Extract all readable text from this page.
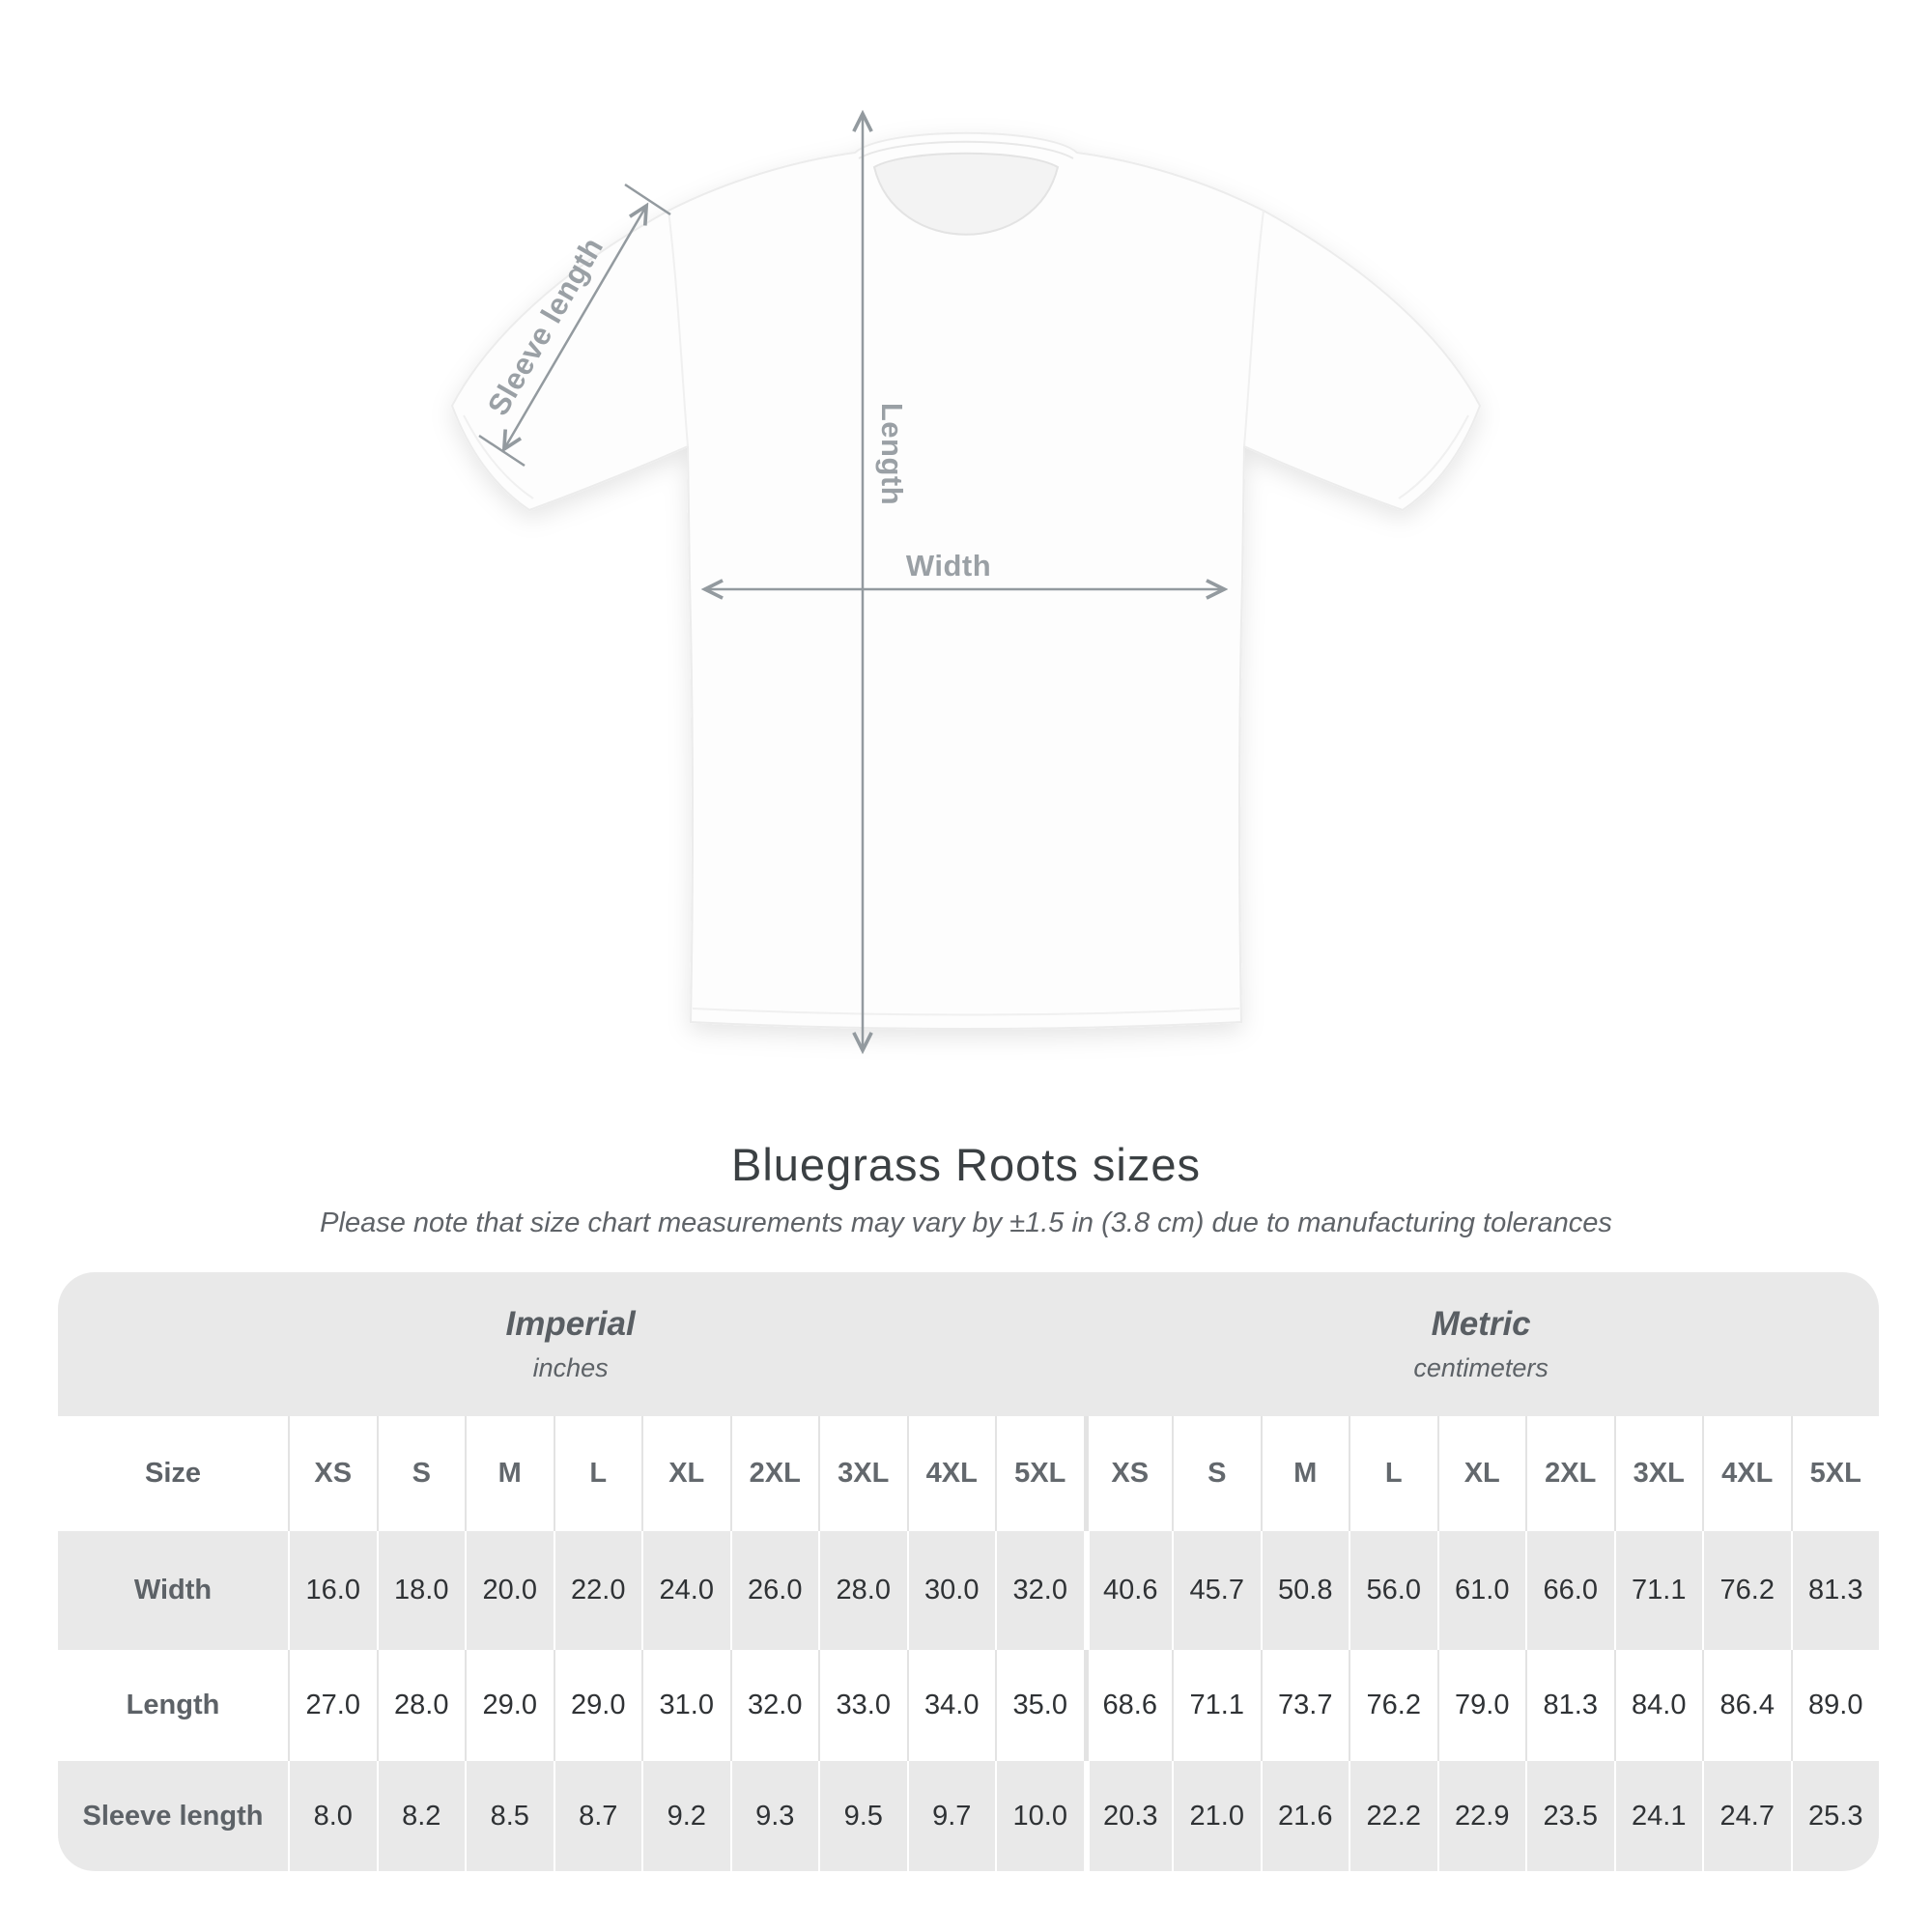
Sleeve length
Length
Width
Bluegrass Roots sizes
Please note that size chart measurements may vary by ±1.5 in (3.8 cm) due to manufacturing tolerances
Imperial
inches
Metric
centimeters
Size	XS	S	M	L	XL	2XL	3XL	4XL	5XL	XS	S	M	L	XL	2XL	3XL	4XL	5XL
Width	16.0	18.0	20.0	22.0	24.0	26.0	28.0	30.0	32.0	40.6	45.7	50.8	56.0	61.0	66.0	71.1	76.2	81.3
Length	27.0	28.0	29.0	29.0	31.0	32.0	33.0	34.0	35.0	68.6	71.1	73.7	76.2	79.0	81.3	84.0	86.4	89.0
Sleeve length	8.0	8.2	8.5	8.7	9.2	9.3	9.5	9.7	10.0	20.3	21.0	21.6	22.2	22.9	23.5	24.1	24.7	25.3
